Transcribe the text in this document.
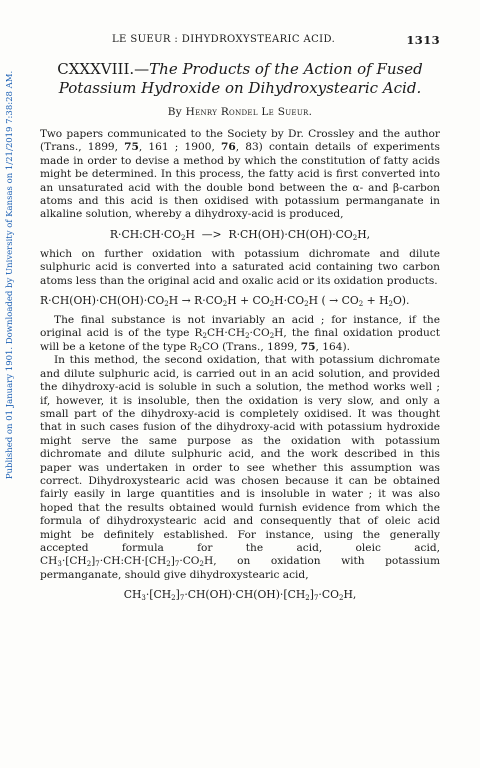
Published on 01 January 1901. Downloaded by University of Kansas on 1/21/2019 7:38:28 AM.
LE SUEUR : DIHYDROXYSTEARIC ACID.	1313
CXXXVIII.—The Products of the Action of Fused
Potassium Hydroxide on Dihydroxystearic Acid.
By Henry Rondel Le Sueur.

Two papers communicated to the Society by Dr. Crossley and the author (Trans., 1899, 75, 161 ; 1900, 76, 83) contain details of experiments made in order to devise a method by which the constitution of fatty acids might be determined. In this process, the fatty acid is first converted into an unsaturated acid with the double bond between the α- and β-carbon atoms and this acid is then oxidised with potassium permanganate in alkaline solution, whereby a dihydroxy-acid is produced,

$R\cdot CH:CH\cdot CO_2H$  —>  $R\cdot CH(OH)\cdot CH(OH)\cdot CO_2H$,

which on further oxidation with potassium dichromate and dilute sulphuric acid is converted into a saturated acid containing two carbon atoms less than the original acid and oxalic acid or its oxidation products.

$R\cdot CH(OH)\cdot CH(OH)\cdot CO_2H \to R\cdot CO_2H + CO_2H\cdot CO_2H$ ( → $CO_2 + H_2O$).

The final substance is not invariably an acid ; for instance, if the original acid is of the type $R_2CH\cdot CH_2\cdot CO_2H$, the final oxidation product will be a ketone of the type $R_2CO$ (Trans., 1899, 75, 164).

In this method, the second oxidation, that with potassium dichromate and dilute sulphuric acid, is carried out in an acid solution, and provided the dihydroxy-acid is soluble in such a solution, the method works well ; if, however, it is insoluble, then the oxidation is very slow, and only a small part of the dihydroxy-acid is completely oxidised. It was thought that in such cases fusion of the dihydroxy-acid with potassium hydroxide might serve the same purpose as the oxidation with potassium dichromate and dilute sulphuric acid, and the work described in this paper was undertaken in order to see whether this assumption was correct. Dihydroxystearic acid was chosen because it can be obtained fairly easily in large quantities and is insoluble in water ; it was also hoped that the results obtained would furnish evidence from which the formula of dihydroxystearic acid and consequently that of oleic acid might be definitely established. For instance, using the generally accepted formula for the acid, oleic acid, $CH_3\cdot[CH_2]_7\cdot CH:CH\cdot[CH_2]_7\cdot CO_2H$, on oxidation with potassium permanganate, should give dihydroxystearic acid,

$CH_3\cdot[CH_2]_7\cdot CH(OH)\cdot CH(OH)\cdot[CH_2]_7\cdot CO_2H$,
